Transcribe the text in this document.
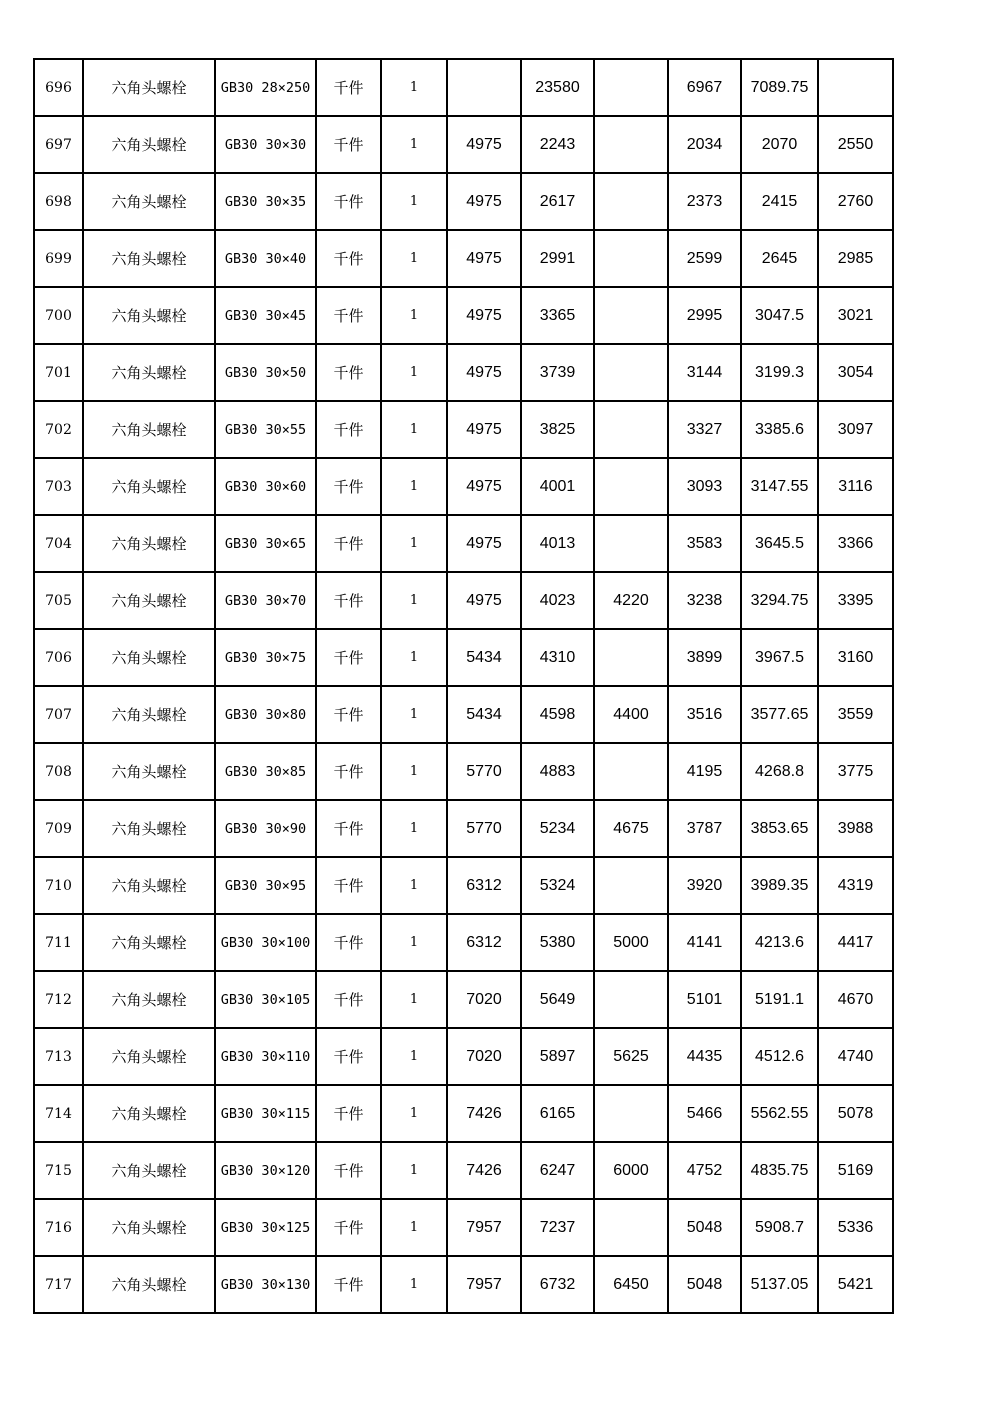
696	六角头螺栓	GB30 28×250	千件	1		23580		6967	7089.75	
697	六角头螺栓	GB30 30×30	千件	1	4975	2243		2034	2070	2550
698	六角头螺栓	GB30 30×35	千件	1	4975	2617		2373	2415	2760
699	六角头螺栓	GB30 30×40	千件	1	4975	2991		2599	2645	2985
700	六角头螺栓	GB30 30×45	千件	1	4975	3365		2995	3047.5	3021
701	六角头螺栓	GB30 30×50	千件	1	4975	3739		3144	3199.3	3054
702	六角头螺栓	GB30 30×55	千件	1	4975	3825		3327	3385.6	3097
703	六角头螺栓	GB30 30×60	千件	1	4975	4001		3093	3147.55	3116
704	六角头螺栓	GB30 30×65	千件	1	4975	4013		3583	3645.5	3366
705	六角头螺栓	GB30 30×70	千件	1	4975	4023	4220	3238	3294.75	3395
706	六角头螺栓	GB30 30×75	千件	1	5434	4310		3899	3967.5	3160
707	六角头螺栓	GB30 30×80	千件	1	5434	4598	4400	3516	3577.65	3559
708	六角头螺栓	GB30 30×85	千件	1	5770	4883		4195	4268.8	3775
709	六角头螺栓	GB30 30×90	千件	1	5770	5234	4675	3787	3853.65	3988
710	六角头螺栓	GB30 30×95	千件	1	6312	5324		3920	3989.35	4319
711	六角头螺栓	GB30 30×100	千件	1	6312	5380	5000	4141	4213.6	4417
712	六角头螺栓	GB30 30×105	千件	1	7020	5649		5101	5191.1	4670
713	六角头螺栓	GB30 30×110	千件	1	7020	5897	5625	4435	4512.6	4740
714	六角头螺栓	GB30 30×115	千件	1	7426	6165		5466	5562.55	5078
715	六角头螺栓	GB30 30×120	千件	1	7426	6247	6000	4752	4835.75	5169
716	六角头螺栓	GB30 30×125	千件	1	7957	7237		5048	5908.7	5336
717	六角头螺栓	GB30 30×130	千件	1	7957	6732	6450	5048	5137.05	5421
